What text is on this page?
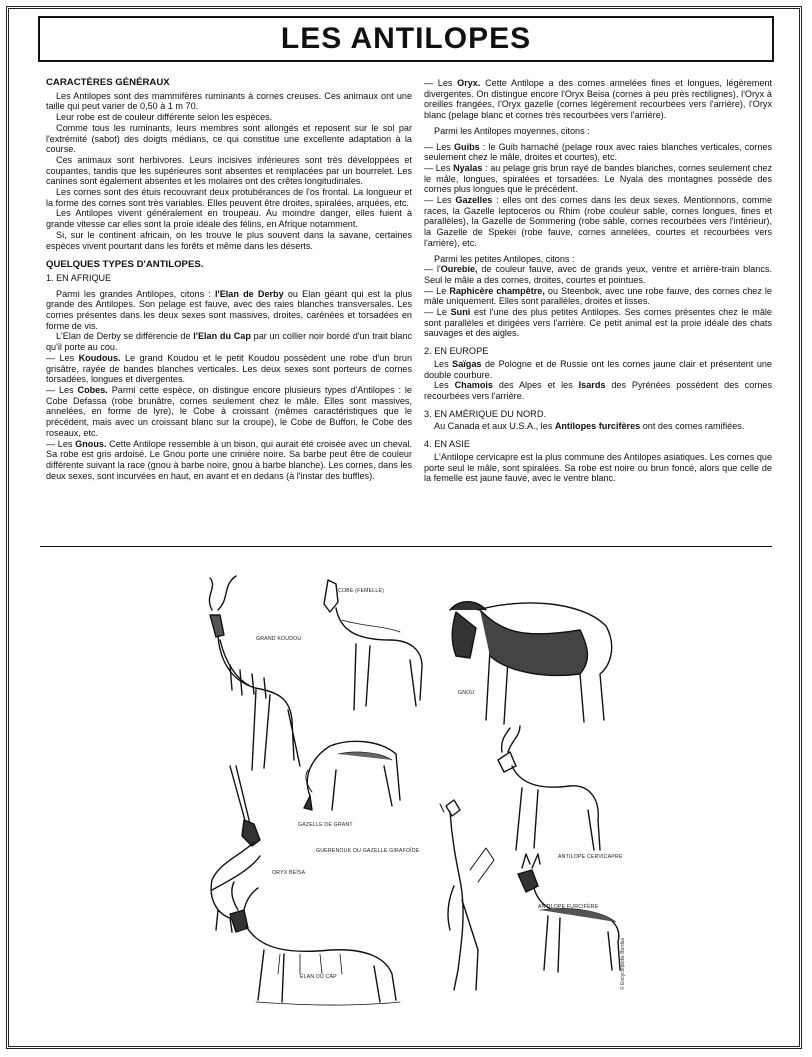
LES ANTILOPES
CARACTÈRES GÉNÉRAUX

Les Antilopes sont des mammifères ruminants à cornes creuses. Ces animaux ont une taille qui peut varier de 0,50 à 1 m 70.

Leur robe est de couleur différente selon les espèces.

Comme tous les ruminants, leurs membres sont allongés et reposent sur le sol par l'extrémité (sabot) des doigts médians, ce qui constitue une excellente adaptation à la course.

Ces animaux sont herbivores. Leurs incisives inférieures sont très développées et coupantes, tandis que les supérieures sont absentes et remplacées par un bourrelet. Les canines sont également absentes et les molaires ont des crêtes longitudinales.

Les cornes sont des étuis recouvrant deux protubérances de l'os frontal. La longueur et la forme des cornes sont très variables. Elles peuvent être droites, spiralées, arquées, etc.

Les Antilopes vivent généralement en troupeau. Au moindre danger, elles fuient à grande vitesse car elles sont la proie idéale des félins, en Afrique notamment.

Si, sur le continent africain, on les trouve le plus souvent dans la savane, certaines espèces vivent pourtant dans les forêts et même dans les déserts.

QUELQUES TYPES D'ANTILOPES.

1. EN AFRIQUE

Parmi les grandes Antilopes, citons : l'Elan de Derby ou Elan géant qui est la plus grande des Antilopes. Son pelage est fauve, avec des raies blanches transversales. Les cornes présentes dans les deux sexes sont massives, droites, carénées et torsadées en forme de vis.

L'Elan de Derby se différencie de l'Elan du Cap par un collier noir bordé d'un trait blanc qu'il porte au cou.

— Les Koudous. Le grand Koudou et le petit Koudou possèdent une robe d'un brun grisâtre, rayée de bandes blanches verticales. Les deux sexes sont porteurs de cornes torsadées, longues et divergentes.

— Les Cobes. Parmi cette espèce, on distingue encore plusieurs types d'Antilopes : le Cobe Defassa (robe brunâtre, cornes seulement chez le mâle. Elles sont massives, annelées, en forme de lyre), le Cobe à croissant (mêmes caractéristiques que le précédent, mais avec un croissant blanc sur la croupe), le Cobe de Buffon, le Cobe des roseaux, etc.

— Les Gnous. Cette Antilope ressemble à un bison, qui aurait été croisée avec un cheval. Sa robe est gris ardoisé. Le Gnou porte une crinière noire. Sa barbe peut être de couleur différente suivant la race (gnou à barbe noire, gnou à barbe blanche). Les cornes, dans les deux sexes, sont incurvées en haut, en avant et en dedans (à l'instar des buffles).

— Les Oryx. Cette Antilope a des cornes annelées fines et longues, légèrement divergentes. On distingue encore l'Oryx Beisa (cornes à peu près rectilignes), l'Oryx à oreilles frangées, l'Oryx gazelle (cornes légèrement recourbées vers l'arrière), l'Oryx blanc (pelage blanc et cornes très recourbées vers l'arrière).

Parmi les Antilopes moyennes, citons :

— Les Guibs : le Guib harnaché (pelage roux avec raies blanches verticales, cornes seulement chez le mâle, droites et courtes), etc.

— Les Nyalas : au pelage gris brun rayé de bandes blanches, cornes seulement chez le mâle, longues, spiralées et torsadées. Le Nyala des montagnes possède des cornes plus longues que le précédent.

— Les Gazelles : elles ont des cornes dans les deux sexes. Mentionnons, comme races, la Gazelle leptoceros ou Rhim (robe couleur sable, cornes longues, fines et parallèles), la Gazelle de Sommering (robe sable, cornes recourbées vers l'intérieur), la Gazelle de Spekei (robe fauve, cornes annelées, courtes et recourbées vers l'arrière), etc.

Parmi les petites Antilopes, citons :

— l'Ourebie, de couleur fauve, avec de grands yeux, ventre et arrière-train blancs. Seul le mâle a des cornes, droites, courtes et pointues.

— Le Raphicère champêtre, ou Steenbok, avec une robe fauve, des cornes chez le mâle uniquement. Elles sont parallèles, droites et lisses.

— Le Suni est l'une des plus petites Antilopes. Ses cornes présentes chez le mâle sont parallèles et dirigées vers l'arrière. Ce petit animal est la proie idéale des chats sauvages et des aigles.

2. EN EUROPE

Les Saïgas de Pologne et de Russie ont les cornes jaune clair et présentent une double courbure.

Les Chamois des Alpes et les Isards des Pyrénées possèdent des cornes recourbées vers l'arrière.

3. EN AMÉRIQUE DU NORD.

Au Canada et aux U.S.A., les Antilopes furcifères ont des cornes ramifiées.

4. EN ASIE

L'Antilope cervicapre est la plus commune des Antilopes asiatiques. Les cornes que porte seul le mâle, sont spiralées. Sa robe est noire ou brun foncé, alors que celle de la femelle est jaune fauve, avec le ventre blanc.

GRAND KOUDOU
COBE (FEMELLE)
GNOU
GAZELLE DE GRANT
GUERENOUK OU GAZELLE GIRAFOÏDE
ANTILOPE CERVICAPRE
ORYX BEÏSA
ANTILOPE FURCIFÈRE
ÉLAN DU CAP	© Encyclopédie Bordas
